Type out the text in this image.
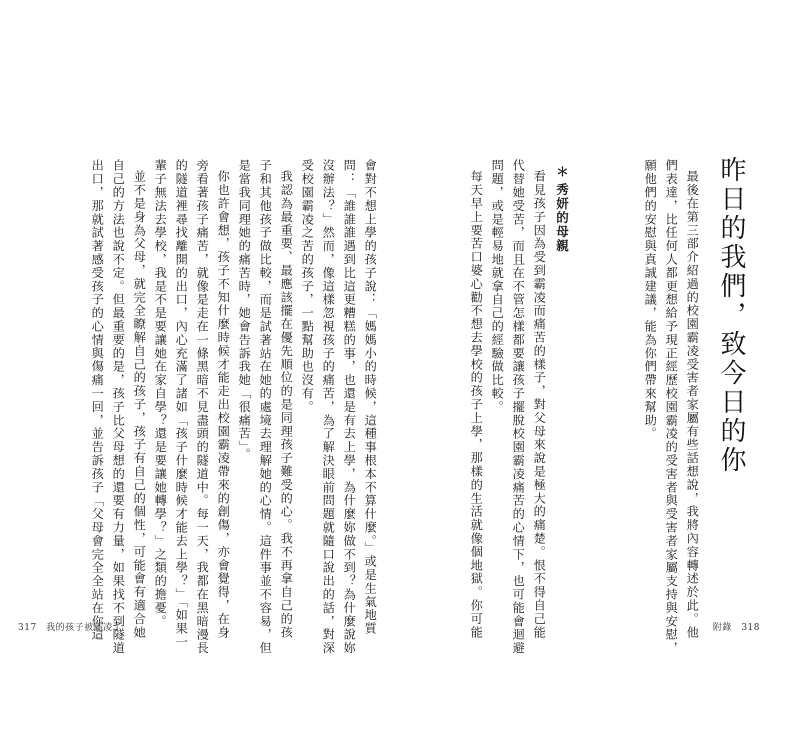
昨日的我們，致今日的你
最後在第三部介紹過的校園霸凌受害者家屬有些話想說，我將內容轉述於此。他
們表達，比任何人都更想給予現正經歷校園霸凌的受害者與受害者家屬支持與安慰，
願他們的安慰與真誠建議，能為你們帶來幫助。
＊秀妍的母親
看見孩子因為受到霸凌而痛苦的樣子，對父母來說是極大的痛楚。恨不得自己能
代替她受苦，而且在不管怎樣都要讓孩子擺脫校園霸凌痛苦的心情下，也可能會迴避
問題，或是輕易地就拿自己的經驗做比較。
每天早上要苦口婆心勸不想去學校的孩子上學，那樣的生活就像個地獄。你可能	附錄　318
會對不想上學的孩子說：「媽媽小的時候，這種事根本不算什麼。」或是生氣地質
問：「誰誰誰遇到比這更糟糕的事，也還是有去上學，為什麼妳做不到？為什麼說妳
沒辦法？」然而，像這樣忽視孩子的痛苦，為了解決眼前問題就隨口說出的話，對深
受校園霸凌之苦的孩子，一點幫助也沒有。
我認為最重要、最應該擺在優先順位的是同理孩子難受的心。我不再拿自己的孩
子和其他孩子做比較，而是試著站在她的處境去理解她的心情。這件事並不容易，但
是當我同理她的痛苦時，她會告訴我她「很痛苦」。
你也許會想，孩子不知什麼時候才能走出校園霸凌帶來的創傷，亦會覺得，在身
旁看著孩子痛苦，就像是走在一條黑暗不見盡頭的隧道中。每一天，我都在黑暗漫長
的隧道裡尋找離開的出口，內心充滿了諸如「孩子什麼時候才能去上學？」「如果一
輩子無法去學校，我是不是要讓她在家自學？還是要讓她轉學？」之類的擔憂。
並不是身為父母，就完全瞭解自己的孩子，孩子有自己的個性，可能會有適合她
自己的方法也說不定。但最重要的是，孩子比父母想的還要有力量，如果找不到隧道
出口，那就試著感受孩子的心情與傷痛一回，並告訴孩子「父母會完全全站在你這
317　我的孩子被霸凌了
